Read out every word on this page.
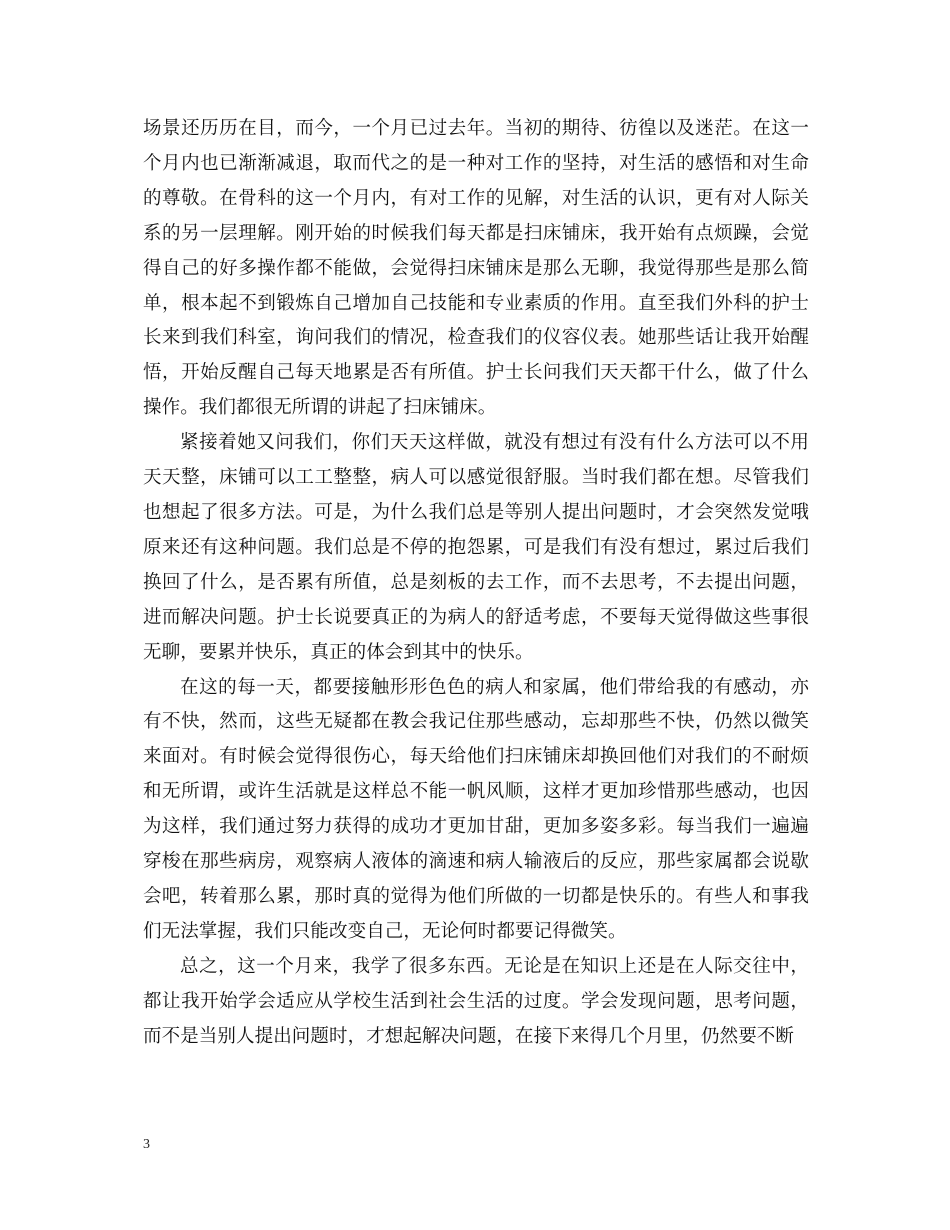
场景还历历在目，而今，一个月已过去年。当初的期待、彷徨以及迷茫。在这一个月内也已渐渐减退，取而代之的是一种对工作的坚持，对生活的感悟和对生命的尊敬。在骨科的这一个月内，有对工作的见解，对生活的认识，更有对人际关系的另一层理解。刚开始的时候我们每天都是扫床铺床，我开始有点烦躁，会觉得自己的好多操作都不能做，会觉得扫床铺床是那么无聊，我觉得那些是那么简单，根本起不到锻炼自己增加自己技能和专业素质的作用。直至我们外科的护士长来到我们科室，询问我们的情况，检查我们的仪容仪表。她那些话让我开始醒悟，开始反醒自己每天地累是否有所值。护士长问我们天天都干什么，做了什么操作。我们都很无所谓的讲起了扫床铺床。

紧接着她又问我们，你们天天这样做，就没有想过有没有什么方法可以不用天天整，床铺可以工工整整，病人可以感觉很舒服。当时我们都在想。尽管我们也想起了很多方法。可是，为什么我们总是等别人提出问题时，才会突然发觉哦原来还有这种问题。我们总是不停的抱怨累，可是我们有没有想过，累过后我们换回了什么，是否累有所值，总是刻板的去工作，而不去思考，不去提出问题，进而解决问题。护士长说要真正的为病人的舒适考虑，不要每天觉得做这些事很无聊，要累并快乐，真正的体会到其中的快乐。

在这的每一天，都要接触形形色色的病人和家属，他们带给我的有感动，亦有不快，然而，这些无疑都在教会我记住那些感动，忘却那些不快，仍然以微笑来面对。有时候会觉得很伤心，每天给他们扫床铺床却换回他们对我们的不耐烦和无所谓，或许生活就是这样总不能一帆风顺，这样才更加珍惜那些感动，也因为这样，我们通过努力获得的成功才更加甘甜，更加多姿多彩。每当我们一遍遍穿梭在那些病房，观察病人液体的滴速和病人输液后的反应，那些家属都会说歇会吧，转着那么累，那时真的觉得为他们所做的一切都是快乐的。有些人和事我们无法掌握，我们只能改变自己，无论何时都要记得微笑。

总之，这一个月来，我学了很多东西。无论是在知识上还是在人际交往中，都让我开始学会适应从学校生活到社会生活的过度。学会发现问题，思考问题，而不是当别人提出问题时，才想起解决问题，在接下来得几个月里，仍然要不断

3
